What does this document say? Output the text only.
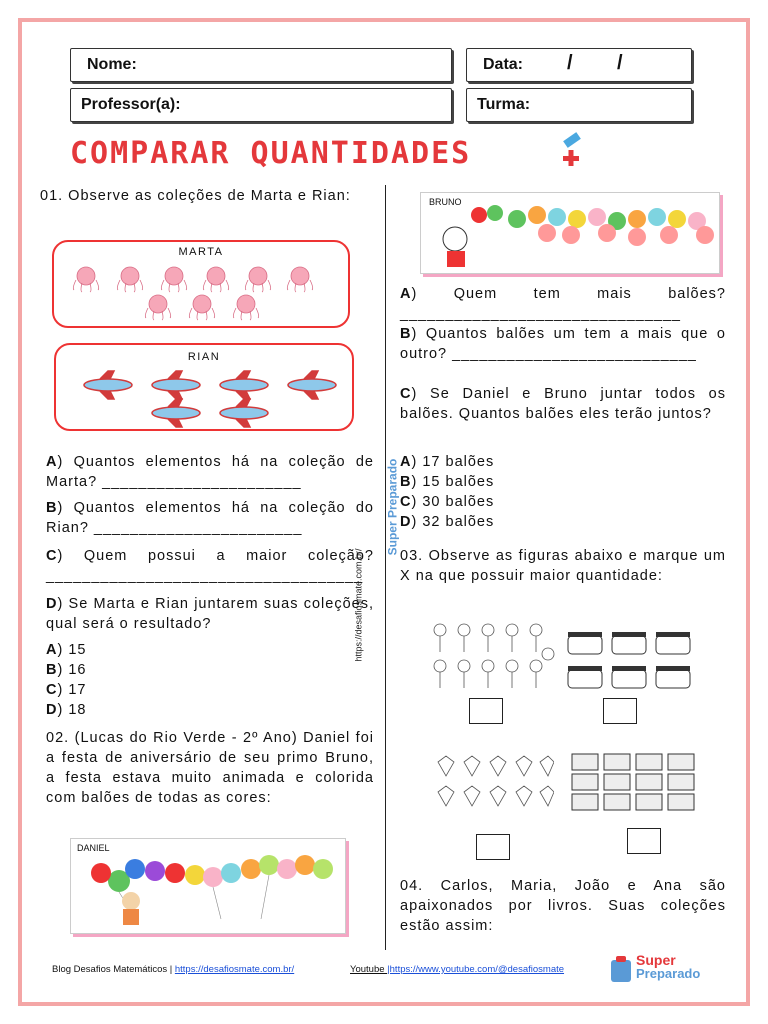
Nome:	Data: / /
Professor(a):	Turma:
COMPARAR QUANTIDADES
01. Observe as coleções de Marta e Rian:
MARTA
RIAN
A) Quantos elementos há na coleção de Marta? ______________________
B) Quantos elementos há na coleção do Rian? _______________________
C) Quem possui a maior coleção? ___________________________________
D) Se Marta e Rian juntarem suas coleções, qual será o resultado?
A) 15
B) 16
C) 17
D) 18
Super Preparado
https://desafiosmate.com.br/
02. (Lucas do Rio Verde - 2º Ano) Daniel foi a festa de aniversário de seu primo Bruno, a festa estava muito animada e colorida com balões de todas as cores:
DANIEL
BRUNO
A) Quem tem mais balões? _______________________________
B) Quantos balões um tem a mais que o outro? ___________________________
C) Se Daniel e Bruno juntar todos os balões. Quantos balões eles terão juntos?
A) 17 balões
B) 15 balões
C) 30 balões
D) 32 balões
03. Observe as figuras abaixo e marque um X na que possuir maior quantidade:
04. Carlos, Maria, João e Ana são apaixonados por livros. Suas coleções estão assim:
Blog Desafios Matemáticos | https://desafiosmate.com.br/	Youtube |https://www.youtube.com/@desafiosmate
Super
Preparado
